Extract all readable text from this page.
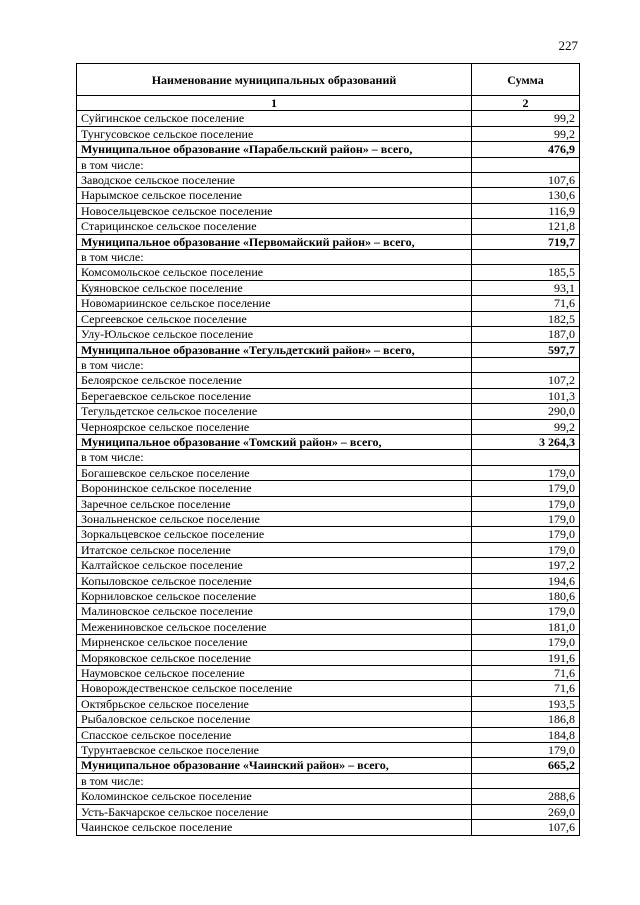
227
Наименование муниципальных образований	Сумма
1	2
Суйгинское сельское поселение	99,2
Тунгусовское сельское поселение	99,2
Муниципальное образование «Парабельский район» – всего,	476,9
в том числе:	
Заводское сельское поселение	107,6
Нарымское сельское поселение	130,6
Новосельцевское сельское поселение	116,9
Старицинское сельское поселение	121,8
Муниципальное образование «Первомайский район» – всего,	719,7
в том числе:	
Комсомольское сельское поселение	185,5
Куяновское сельское поселение	93,1
Новомариинское сельское поселение	71,6
Сергеевское сельское поселение	182,5
Улу-Юльское сельское поселение	187,0
Муниципальное образование «Тегульдетский район» – всего,	597,7
в том числе:	
Белоярское сельское поселение	107,2
Берегаевское сельское поселение	101,3
Тегульдетское сельское поселение	290,0
Черноярское сельское поселение	99,2
Муниципальное образование «Томский район» – всего,	3 264,3
в том числе:	
Богашевское сельское поселение	179,0
Воронинское сельское поселение	179,0
Заречное сельское поселение	179,0
Зональненское сельское поселение	179,0
Зоркальцевское сельское поселение	179,0
Итатское сельское поселение	179,0
Калтайское сельское поселение	197,2
Копыловское сельское поселение	194,6
Корниловское сельское поселение	180,6
Малиновское сельское поселение	179,0
Межениновское сельское поселение	181,0
Мирненское сельское поселение	179,0
Моряковское сельское поселение	191,6
Наумовское сельское поселение	71,6
Новорождественское сельское поселение	71,6
Октябрьское сельское поселение	193,5
Рыбаловское сельское поселение	186,8
Спасское сельское поселение	184,8
Турунтаевское сельское поселение	179,0
Муниципальное образование «Чаинский район» – всего,	665,2
в том числе:	
Коломинское сельское поселение	288,6
Усть-Бакчарское сельское поселение	269,0
Чаинское сельское поселение	107,6
